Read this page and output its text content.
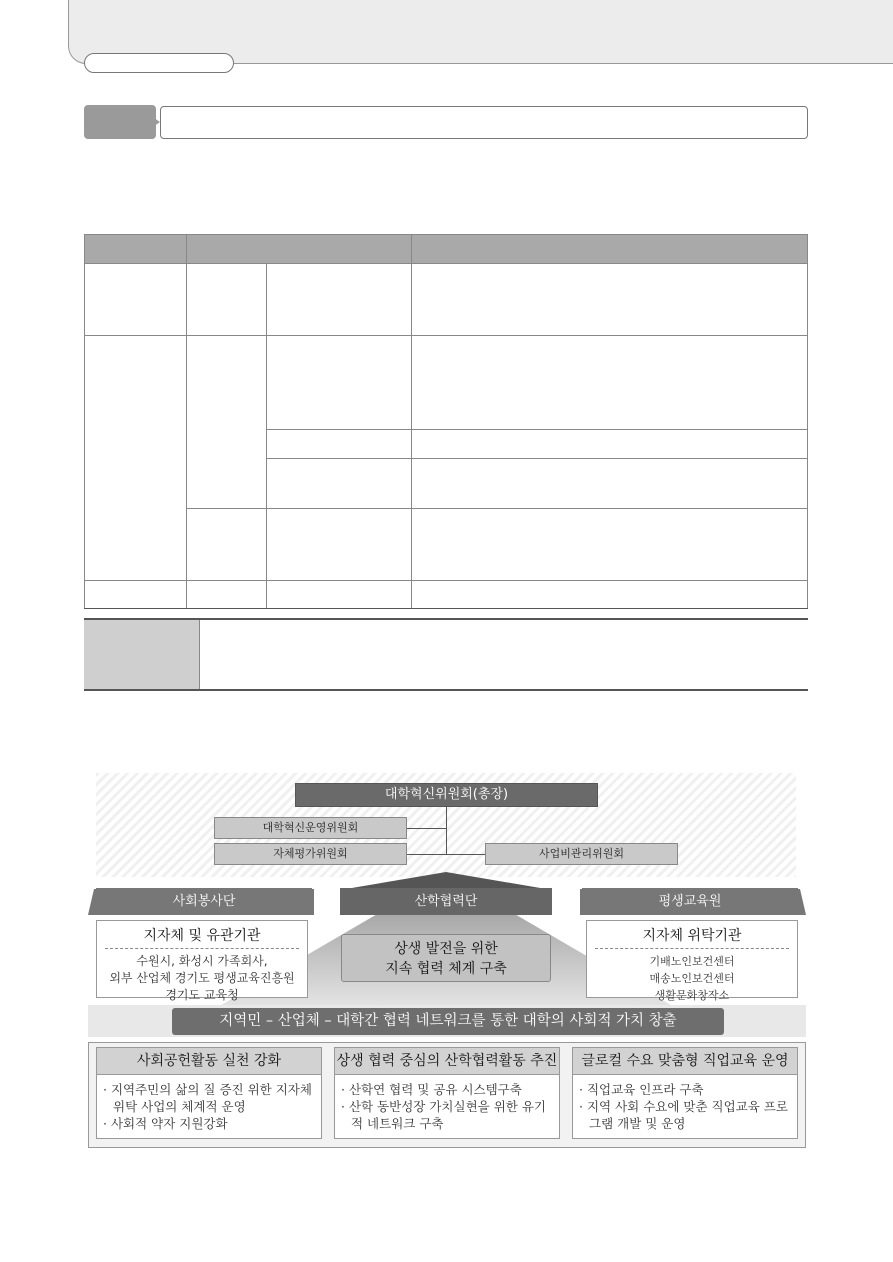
대학혁신위원회(총장)
대학혁신운영위원회
자체평가위원회	사업비관리위원회
사회봉사단	산학협력단	평생교육원
지자체 및 유관기관
수원시, 화성시 가족회사,
외부 산업체 경기도 평생교육진흥원
경기도 교육청
상생 발전을 위한
지속 협력 체계 구축
지자체 위탁기관
기배노인보건센터
매송노인보건센터
생활문화창작소
지역민 – 산업체 – 대학간 협력 네트워크를 통한 대학의 사회적 가치 창출
사회공헌활동 실천 강화
· 지역주민의 삶의 질 증진 위한 지자체 위탁 사업의 체계적 운영
· 사회적 약자 지원강화
상생 협력 중심의 산학협력활동 추진
· 산학연 협력 및 공유 시스템구축
· 산학 동반성장 가치실현을 위한 유기적 네트워크 구축
글로컬 수요 맞춤형 직업교육 운영
· 직업교육 인프라 구축
· 지역 사회 수요에 맞춘 직업교육 프로그램 개발 및 운영
